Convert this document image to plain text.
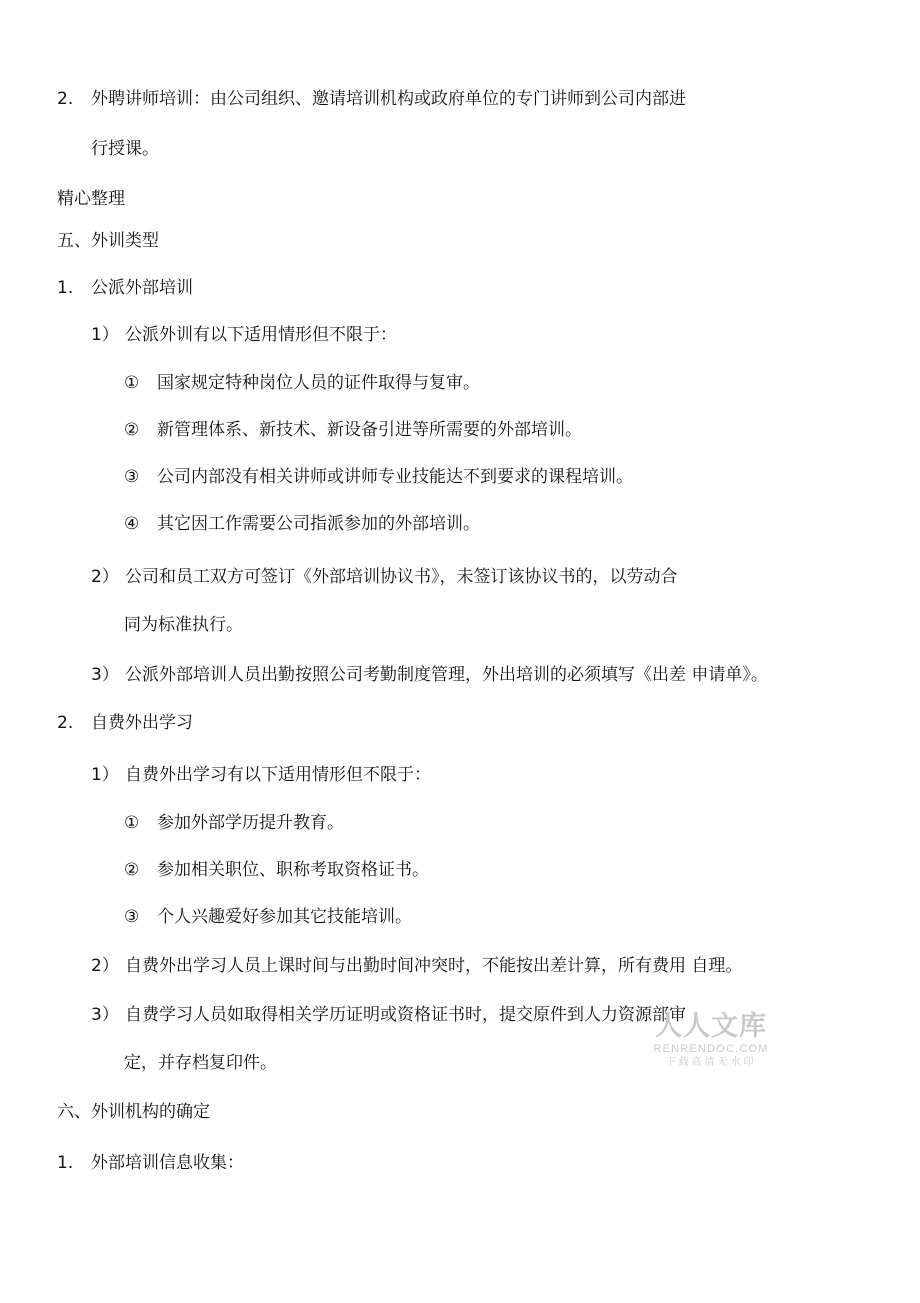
2. 外聘讲师培训：由公司组织、邀请培训机构或政府单位的专门讲师到公司内部进
行授课。
精心整理
五、外训类型
1. 公派外部培训
1） 公派外训有以下适用情形但不限于：
① 国家规定特种岗位人员的证件取得与复审。
② 新管理体系、新技术、新设备引进等所需要的外部培训。
③ 公司内部没有相关讲师或讲师专业技能达不到要求的课程培训。
④ 其它因工作需要公司指派参加的外部培训。
2） 公司和员工双方可签订《外部培训协议书》，未签订该协议书的，以劳动合
同为标准执行。
3） 公派外部培训人员出勤按照公司考勤制度管理，外出培训的必须填写《出差 申请单》。
2. 自费外出学习
1） 自费外出学习有以下适用情形但不限于：
① 参加外部学历提升教育。
② 参加相关职位、职称考取资格证书。
③ 个人兴趣爱好参加其它技能培训。
2） 自费外出学习人员上课时间与出勤时间冲突时，不能按出差计算，所有费用 自理。
3） 自费学习人员如取得相关学历证明或资格证书时，提交原件到人力资源部审
定，并存档复印件。
六、外训机构的确定
1. 外部培训信息收集：
人人文库
RENRENDOC.COM
下载高清无水印
